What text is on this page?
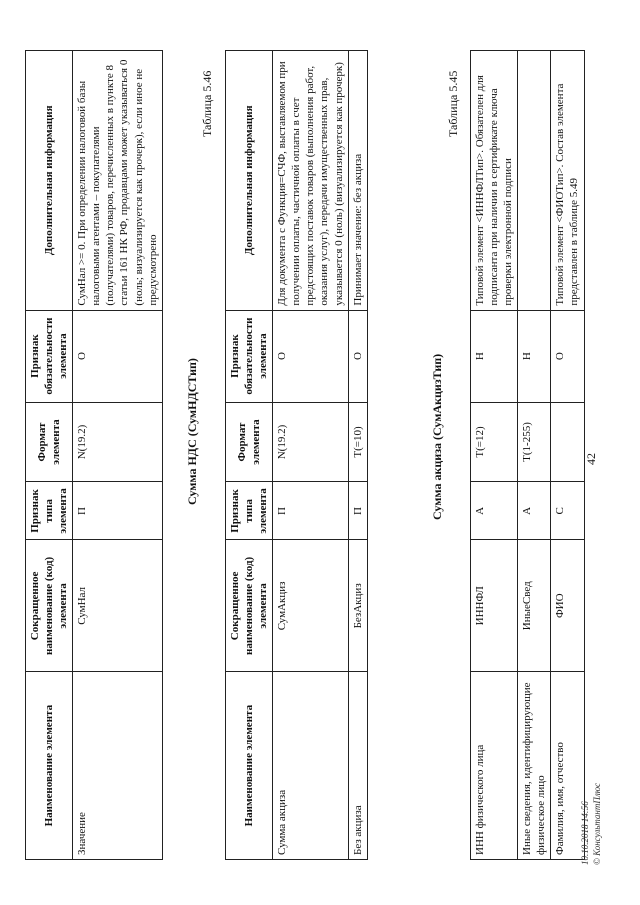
42
ИНН физического лица	ИННФЛ	А	T(=12)	Н	Типовой элемент <ИННФЛТип>. Обязателен для подписанта при наличии в сертификате ключа проверки электронной подписи
Иные сведения, идентифицирующие физическое лицо	ИныеСвед	А	T(1-255)	Н	
Фамилия, имя, отчество	ФИО	С		О	Типовой элемент <ФИОТип>. Состав элемента представлен в таблице 5.49
Таблица 5.45
Сумма акциза (СумАкцизТип)
Наименование элемента	Сокращенное наименование (код) элемента	Признак типа элемента	Формат элемента	Признак обязательности элемента	Дополнительная информация
Сумма акциза	СумАкциз	П	N(19.2)	О	Для документа с Функция=СЧФ, выставляемом при получении оплаты, частичной оплаты в счет предстоящих поставок товаров (выполнения работ, оказания услуг), передачи имущественных прав, указывается 0 (ноль) (визуализируется как прочерк)
Без акциза	БезАкциз	П	T(=10)	О	Принимает значение: без акциза
Таблица 5.46
Сумма НДС (СумНДСТип)
Наименование элемента	Сокращенное наименование (код) элемента	Признак типа элемента	Формат элемента	Признак обязательности элемента	Дополнительная информация
Значение	СумНал	П	N(19.2)	О	СумНал >= 0. При определении налоговой базы налоговыми агентами – покупателями (получателями) товаров, перечисленных в пункте 8 статьи 161 НК РФ, продавцами может указываться 0 (ноль; визуализируется как прочерк), если иное не предусмотрено
10.10.2018 14:56 © КонсультантПлюс
